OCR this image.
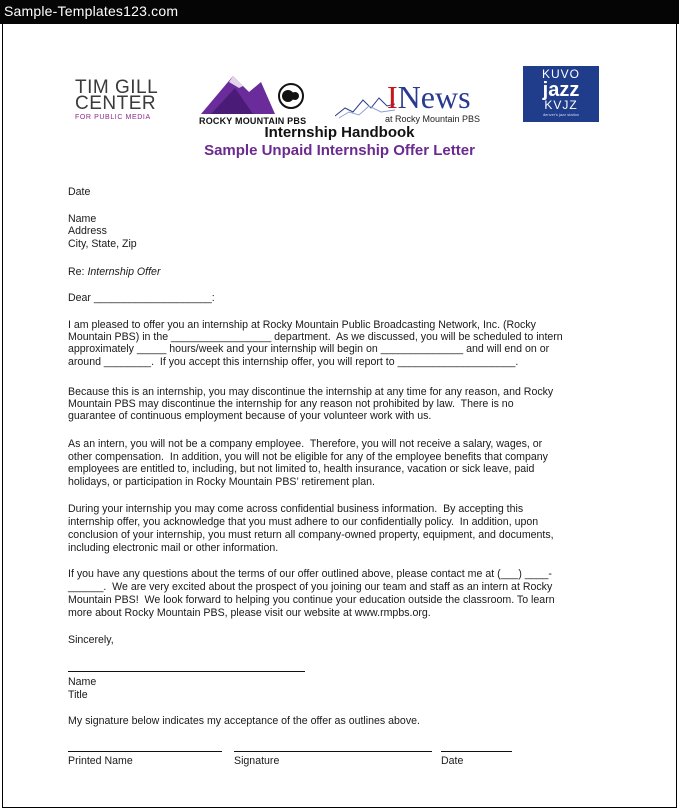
Sample-Templates123.com
TIM GILL
CENTER
FOR PUBLIC MEDIA	ROCKY MOUNTAIN PBS
INews
at Rocky Mountain PBS
KUVO
jazz
KVJZ
denver's jazz station
Internship Handbook
Sample Unpaid Internship Offer Letter
Date
Name
Address
City, State, Zip
Re: Internship Offer
Dear ____________________:
I am pleased to offer you an internship at Rocky Mountain Public Broadcasting Network, Inc. (Rocky
Mountain PBS) in the _________________ department.  As we discussed, you will be scheduled to intern
approximately _____ hours/week and your internship will begin on ______________ and will end on or
around ________.  If you accept this internship offer, you will report to ____________________.
Because this is an internship, you may discontinue the internship at any time for any reason, and Rocky
Mountain PBS may discontinue the internship for any reason not prohibited by law.  There is no
guarantee of continuous employment because of your volunteer work with us.
As an intern, you will not be a company employee.  Therefore, you will not receive a salary, wages, or
other compensation.  In addition, you will not be eligible for any of the employee benefits that company
employees are entitled to, including, but not limited to, health insurance, vacation or sick leave, paid
holidays, or participation in Rocky Mountain PBS’ retirement plan.
During your internship you may come across confidential business information.  By accepting this
internship offer, you acknowledge that you must adhere to our confidentially policy.  In addition, upon
conclusion of your internship, you must return all company-owned property, equipment, and documents,
including electronic mail or other information.
If you have any questions about the terms of our offer outlined above, please contact me at (___) ____-
______.  We are very excited about the prospect of you joining our team and staff as an intern at Rocky
Mountain PBS!  We look forward to helping you continue your education outside the classroom. To learn
more about Rocky Mountain PBS, please visit our website at www.rmpbs.org.
Sincerely,
Name
Title
My signature below indicates my acceptance of the offer as outlines above.
Printed Name	Signature	Date
